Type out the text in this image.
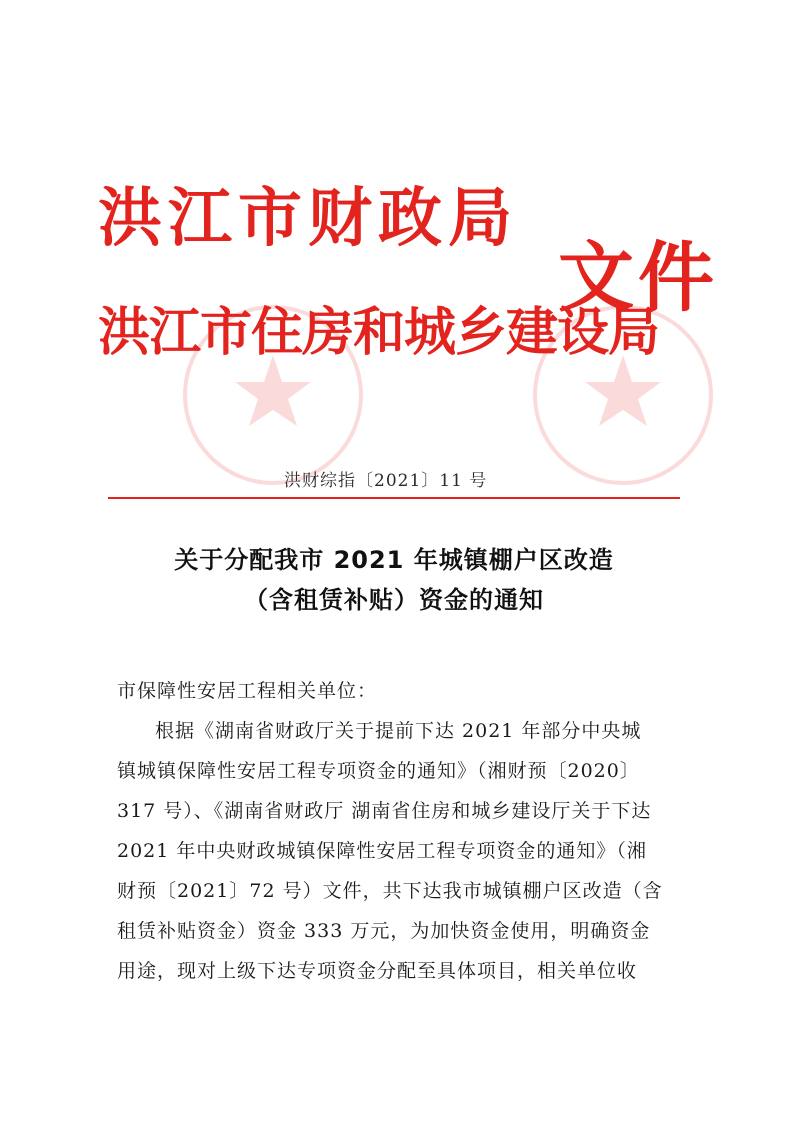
洪江市财政局
洪江市住房和城乡建设局
文件
洪财综指〔2021〕11 号
关于分配我市 2021 年城镇棚户区改造
（含租赁补贴）资金的通知
市保障性安居工程相关单位：
根据《湖南省财政厅关于提前下达 2021 年部分中央城
镇城镇保障性安居工程专项资金的通知》（湘财预〔2020〕
317 号）、《湖南省财政厅 湖南省住房和城乡建设厅关于下达
2021 年中央财政城镇保障性安居工程专项资金的通知》（湘
财预〔2021〕72 号）文件，共下达我市城镇棚户区改造（含
租赁补贴资金）资金 333 万元，为加快资金使用，明确资金
用途，现对上级下达专项资金分配至具体项目，相关单位收
